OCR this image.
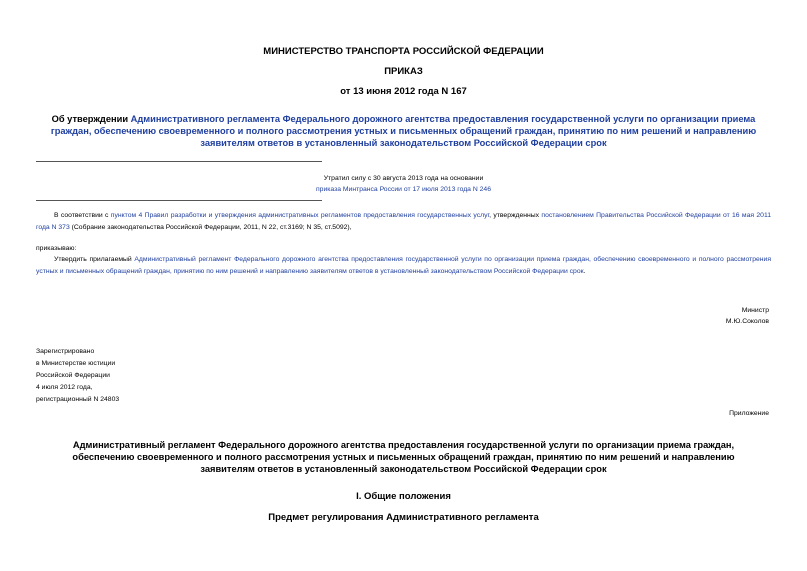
МИНИСТЕРСТВО ТРАНСПОРТА РОССИЙСКОЙ ФЕДЕРАЦИИ
ПРИКАЗ
от 13 июня 2012 года N 167
Об утверждении Административного регламента Федерального дорожного агентства предоставления государственной услуги по организации приема граждан, обеспечению своевременного и полного рассмотрения устных и письменных обращений граждан, принятию по ним решений и направлению заявителям ответов в установленный законодательством Российской Федерации срок
Утратил силу с 30 августа 2013 года на основании
приказа Минтранса России от 17 июля 2013 года N 246
В соответствии с пунктом 4 Правил разработки и утверждения административных регламентов предоставления государственных услуг, утвержденных постановлением Правительства Российской Федерации от 16 мая 2011 года N 373 (Собрание законодательства Российской Федерации, 2011, N 22, ст.3169; N 35, ст.5092),
приказываю:
Утвердить прилагаемый Административный регламент Федерального дорожного агентства предоставления государственной услуги по организации приема граждан, обеспечению своевременного и полного рассмотрения устных и письменных обращений граждан, принятию по ним решений и направлению заявителям ответов в установленный законодательством Российской Федерации срок.
Министр
М.Ю.Соколов
Зарегистрировано
в Министерстве юстиции
Российской Федерации
4 июля 2012 года,
регистрационный N 24803
Приложение
Административный регламент Федерального дорожного агентства предоставления государственной услуги по организации приема граждан, обеспечению своевременного и полного рассмотрения устных и письменных обращений граждан, принятию по ним решений и направлению заявителям ответов в установленный законодательством Российской Федерации срок
I. Общие положения
Предмет регулирования Административного регламента
